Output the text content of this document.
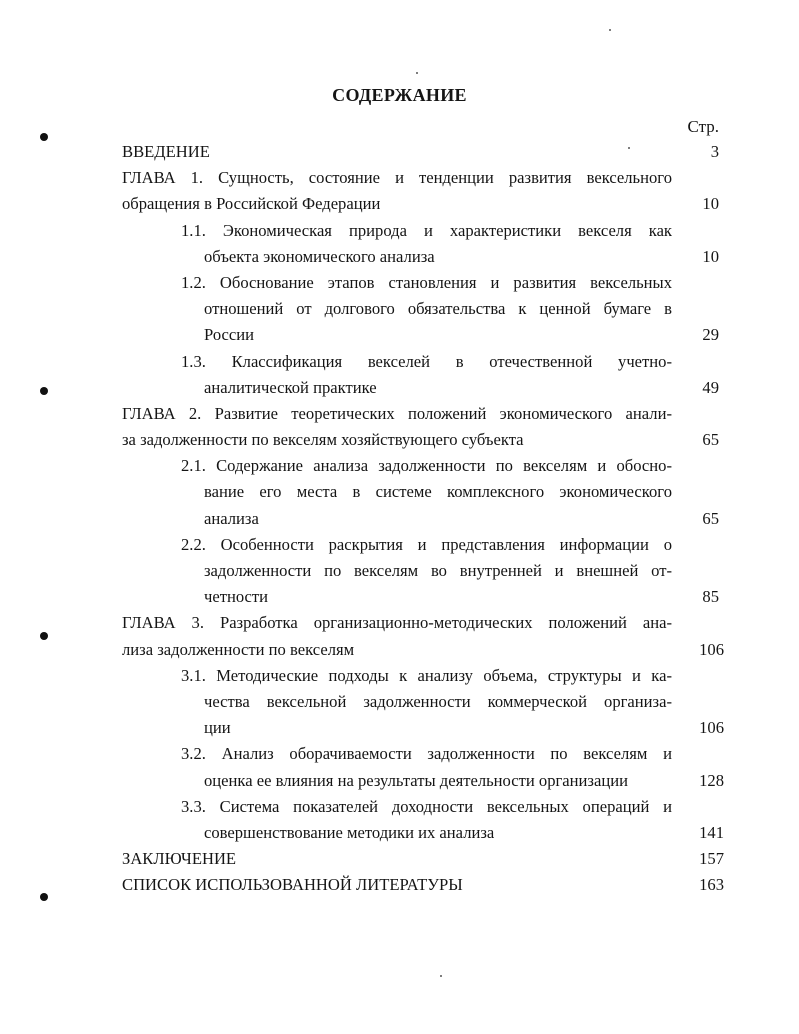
СОДЕРЖАНИЕ
Стр.
ВВЕДЕНИЕ	3
ГЛАВА 1. Сущность, состояние и тенденции развития вексельного
обращения в Российской Федерации	10
1.1. Экономическая природа и характеристики векселя как
объекта экономического анализа	10
1.2. Обоснование этапов становления и развития вексельных
отношений от долгового обязательства к ценной бумаге в
России	29
1.3. Классификация векселей в отечественной учетно-
аналитической практике	49
ГЛАВА 2. Развитие теоретических положений экономического анали-
за задолженности по векселям хозяйствующего субъекта	65
2.1. Содержание анализа задолженности по векселям и обосно-
вание его места в системе комплексного экономического
анализа	65
2.2. Особенности раскрытия и представления информации о
задолженности по векселям во внутренней и внешней от-
четности	85
ГЛАВА 3. Разработка организационно-методических положений ана-
лиза задолженности по векселям	106
3.1. Методические подходы к анализу объема, структуры и ка-
чества вексельной задолженности коммерческой организа-
ции	106
3.2. Анализ оборачиваемости задолженности по векселям и
оценка ее влияния на результаты деятельности организации	128
3.3. Система показателей доходности вексельных операций и
совершенствование методики их анализа	141
ЗАКЛЮЧЕНИЕ	157
СПИСОК ИСПОЛЬЗОВАННОЙ ЛИТЕРАТУРЫ	163
